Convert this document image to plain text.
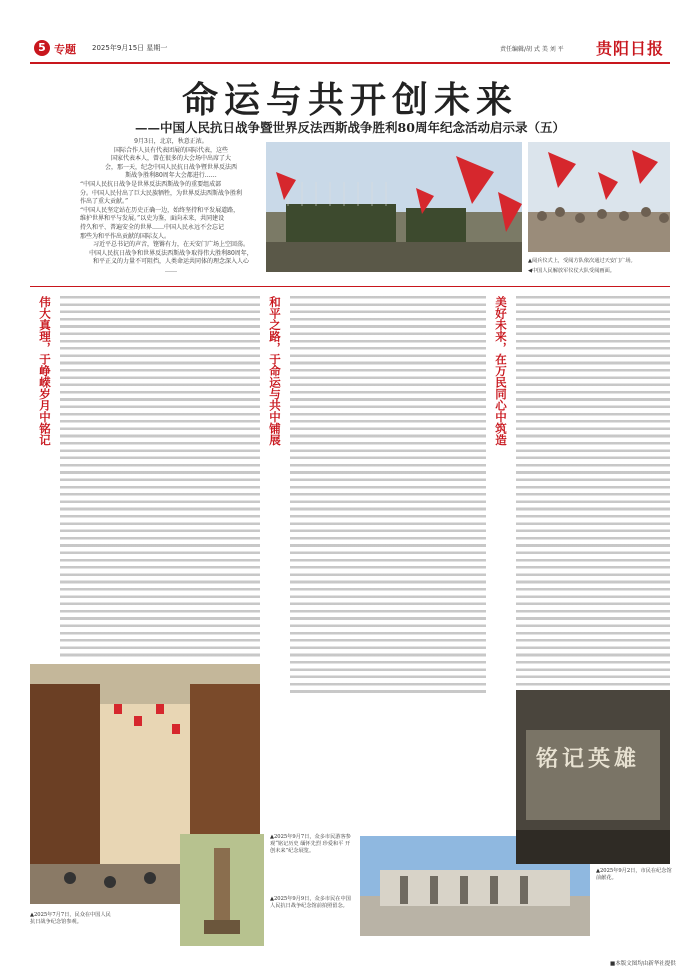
5 专题 2025年9月15日 星期一	责任编辑/胡 式 美 刘 平 贵阳日报
命运与共开创未来
——中国人民抗日战争暨世界反法西斯战争胜利80周年纪念活动启示录（五）
9月3日，北京，秋意正浓。
国际合作人员有代表团展的国际代表，这些
国家代表本人，曾在很多的大会场中出席了大
会，那一天，纪念中国人民抗日战争暨世界反法西
斯战争胜利80周年大会都进行……
“中国人民抗日战争是世界反法西斯战争的重要组成部
分。中国人民付出了巨大民族牺牲，为世界反法西斯战争胜利
作出了重大贡献。”
“中国人民坚定站在历史正确一边，始终坚持和平发展道路，
维护世界和平与发展。”以史为鉴，面向未来，共同建设
持久和平、普遍安全的世界……中国人民永远不会忘记
那些为和平作出贡献的国际友人。
习近平总书记的声音，铿锵有力，在天安门广场上空回荡。
中国人民抗日战争和世界反法西斯战争取得伟大胜利80周年，
和平正义的力量不可阻挡，人类命运共同体的理念深入人心
……
▲阅兵仪式上，受阅方队依次通过天安门广场。
◀中国人民解放军仪仗大队受阅画面。
伟大真理，于峥嵘岁月中铭记	和平之路，于命运与共中铺展	美好未来，在万民同心中筑造
▲2025年7月7日，民众在中国人民抗日战争纪念馆参观。
▲2025年9月7日，众多市民游客参观“铭记历史 缅怀先烈 珍爱和平 开创未来”纪念展览。
▲2025年9月9日，众多市民在中国人民抗日战争纪念馆前拍照留念。
铭记英雄
▲2025年9月2日，市民在纪念馆前献花。
■本版文图均由新华社提供
